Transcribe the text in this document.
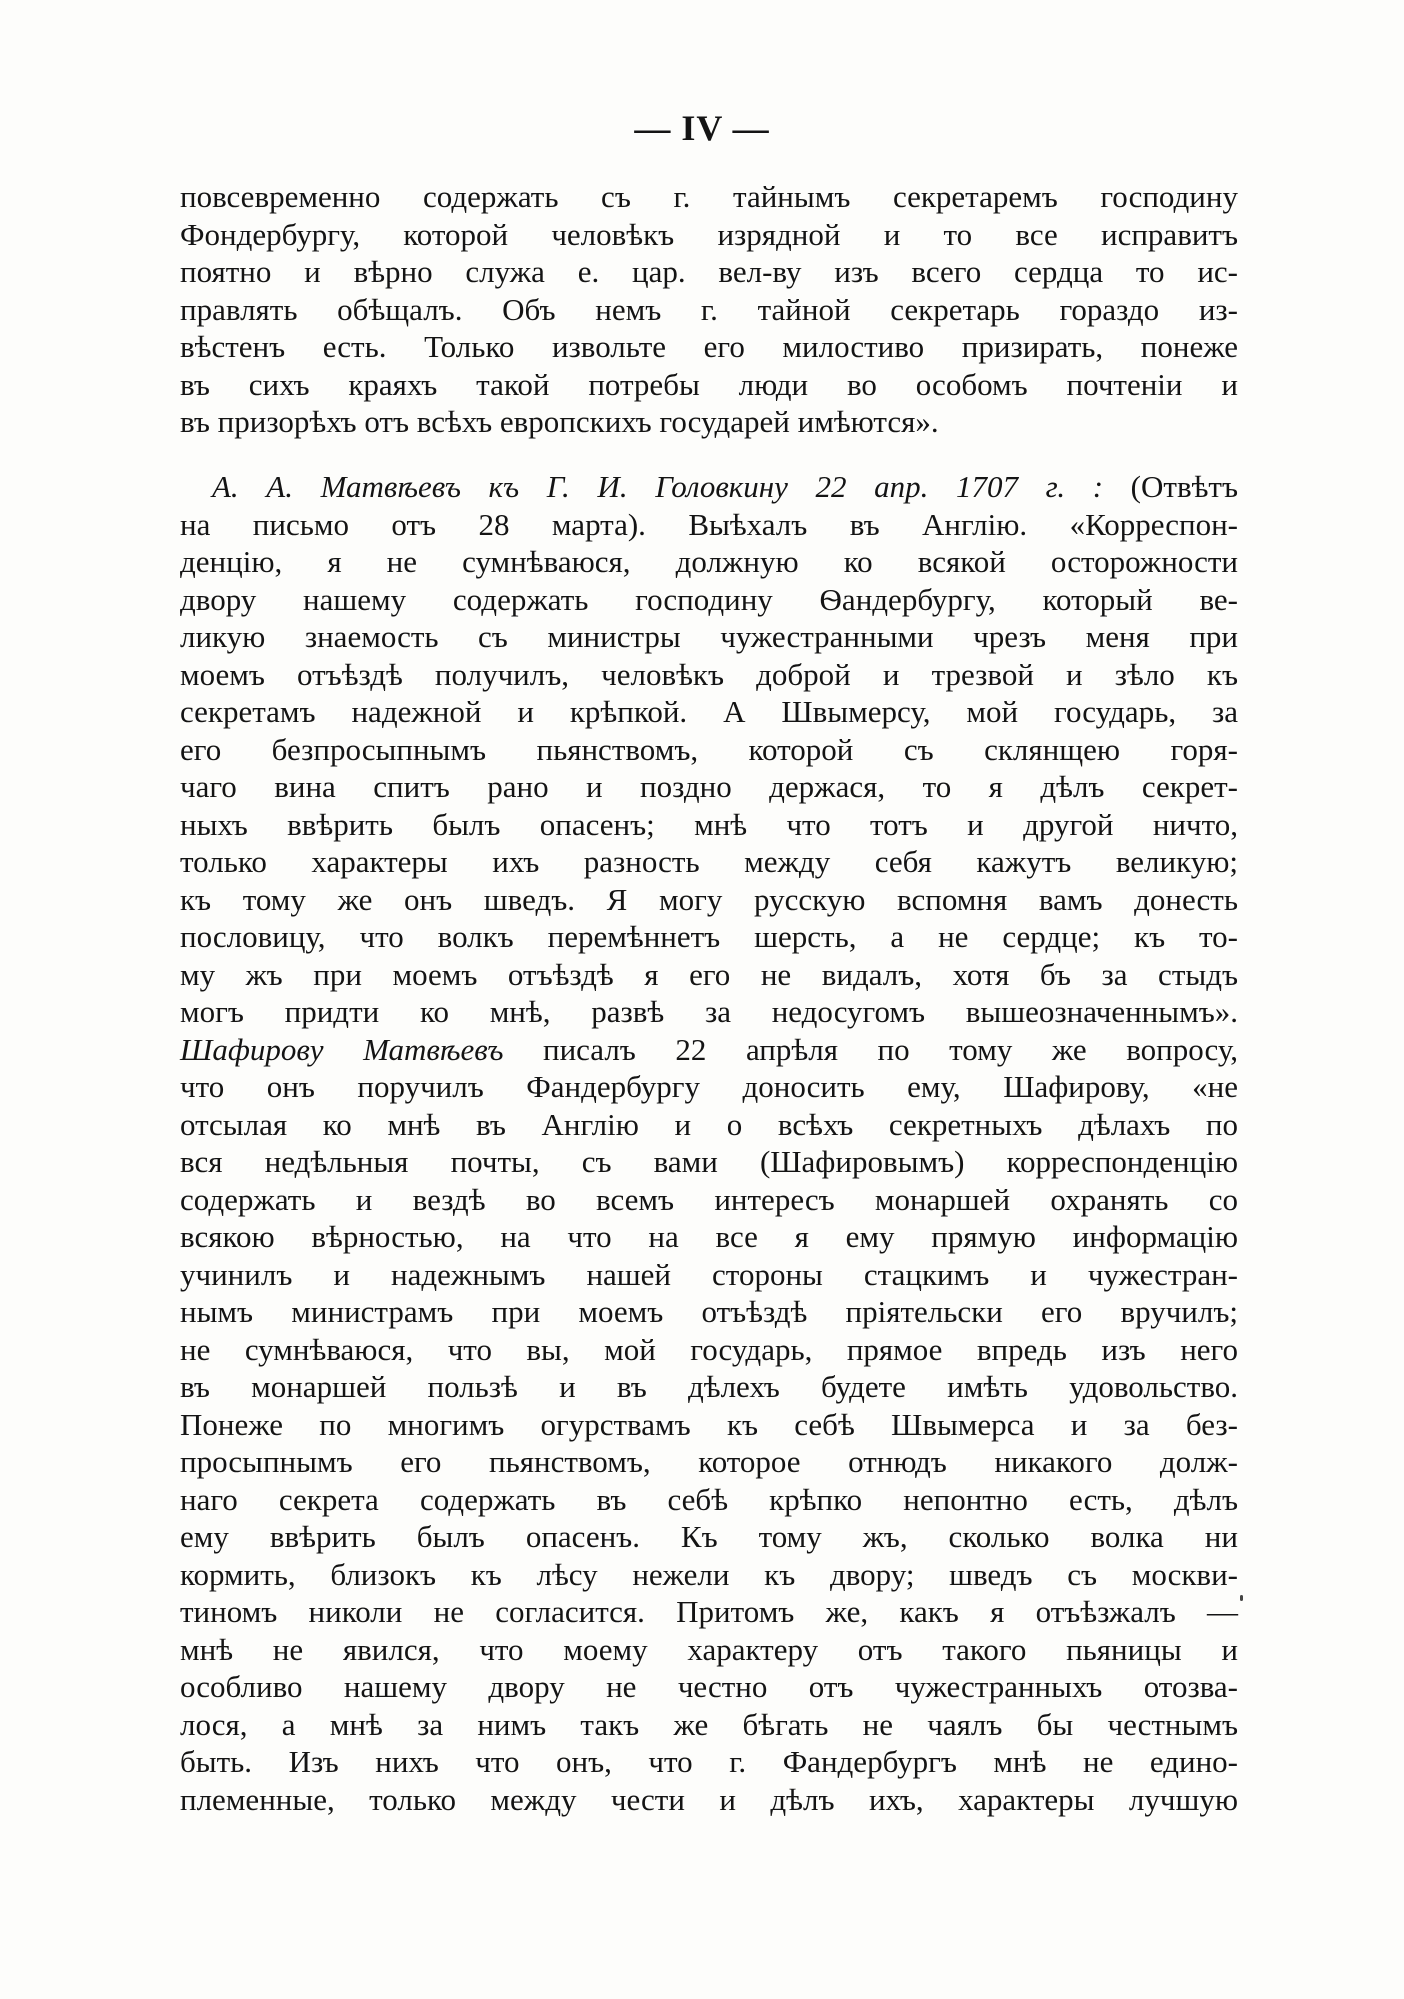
— IV —
повсевременно содержать съ г. тайнымъ секретаремъ господину
Фондербургу, которой человѣкъ изрядной и то все исправитъ
поятно и вѣрно служа е. цар. вел-ву изъ всего сердца то ис-
правлять обѣщалъ. Объ немъ г. тайной секретарь гораздо из-
вѣстенъ есть. Только извольте его милостиво призирать, понеже
въ сихъ краяхъ такой потребы люди во особомъ почтеніи и
въ призорѣхъ отъ всѣхъ европскихъ государей имѣются».
А. А. Матвѣевъ къ Г. И. Головкину 22 апр. 1707 г. : (Отвѣтъ
на письмо отъ 28 марта). Выѣхалъ въ Англію. «Корреспон-
денцію, я не сумнѣваюся, должную ко всякой осторожности
двору нашему содержать господину Ѳандербургу, который ве-
ликую знаемость съ министры чужестранными чрезъ меня при
моемъ отъѣздѣ получилъ, человѣкъ доброй и трезвой и зѣло къ
секретамъ надежной и крѣпкой. А Швымерсу, мой государь, за
его безпросыпнымъ пьянствомъ, которой съ склянщею горя-
чаго вина спитъ рано и поздно держася, то я дѣлъ секрет-
ныхъ ввѣрить былъ опасенъ; мнѣ что тотъ и другой ничто,
только характеры ихъ разность между себя кажутъ великую;
къ тому же онъ шведъ. Я могу русскую вспомня вамъ донесть
пословицу, что волкъ перемѣннетъ шерсть, а не сердце; къ то-
му жъ при моемъ отъѣздѣ я его не видалъ, хотя бъ за стыдъ
могъ придти ко мнѣ, развѣ за недосугомъ вышеозначеннымъ».
Шафирову Матвѣевъ писалъ 22 апрѣля по тому же вопросу,
что онъ поручилъ Фандербургу доносить ему, Шафирову, «не
отсылая ко мнѣ въ Англію и о всѣхъ секретныхъ дѣлахъ по
вся недѣльныя почты, съ вами (Шафировымъ) корреспонденцію
содержать и вездѣ во всемъ интересъ монаршей охранять со
всякою вѣрностью, на что на все я ему прямую информацію
учинилъ и надежнымъ нашей стороны стацкимъ и чужестран-
нымъ министрамъ при моемъ отъѣздѣ пріятельски его вручилъ;
не сумнѣваюся, что вы, мой государь, прямое впредь изъ него
въ монаршей пользѣ и въ дѣлехъ будете имѣть удовольство.
Понеже по многимъ огурствамъ къ себѣ Швымерса и за без-
просыпнымъ его пьянствомъ, которое отнюдъ никакого долж-
наго секрета содержать въ себѣ крѣпко непонтно есть, дѣлъ
ему ввѣрить былъ опасенъ. Къ тому жъ, сколько волка ни
кормить, близокъ къ лѣсу нежели къ двору; шведъ съ москви-
тиномъ николи не согласится. Притомъ же, какъ я отъѣзжалъ —
мнѣ не явился, что моему характеру отъ такого пьяницы и
особливо нашему двору не честно отъ чужестранныхъ отозва-
лося, а мнѣ за нимъ такъ же бѣгать не чаялъ бы честнымъ
быть. Изъ нихъ что онъ, что г. Фандербургъ мнѣ не едино-
племенные, только между чести и дѣлъ ихъ, характеры лучшую
